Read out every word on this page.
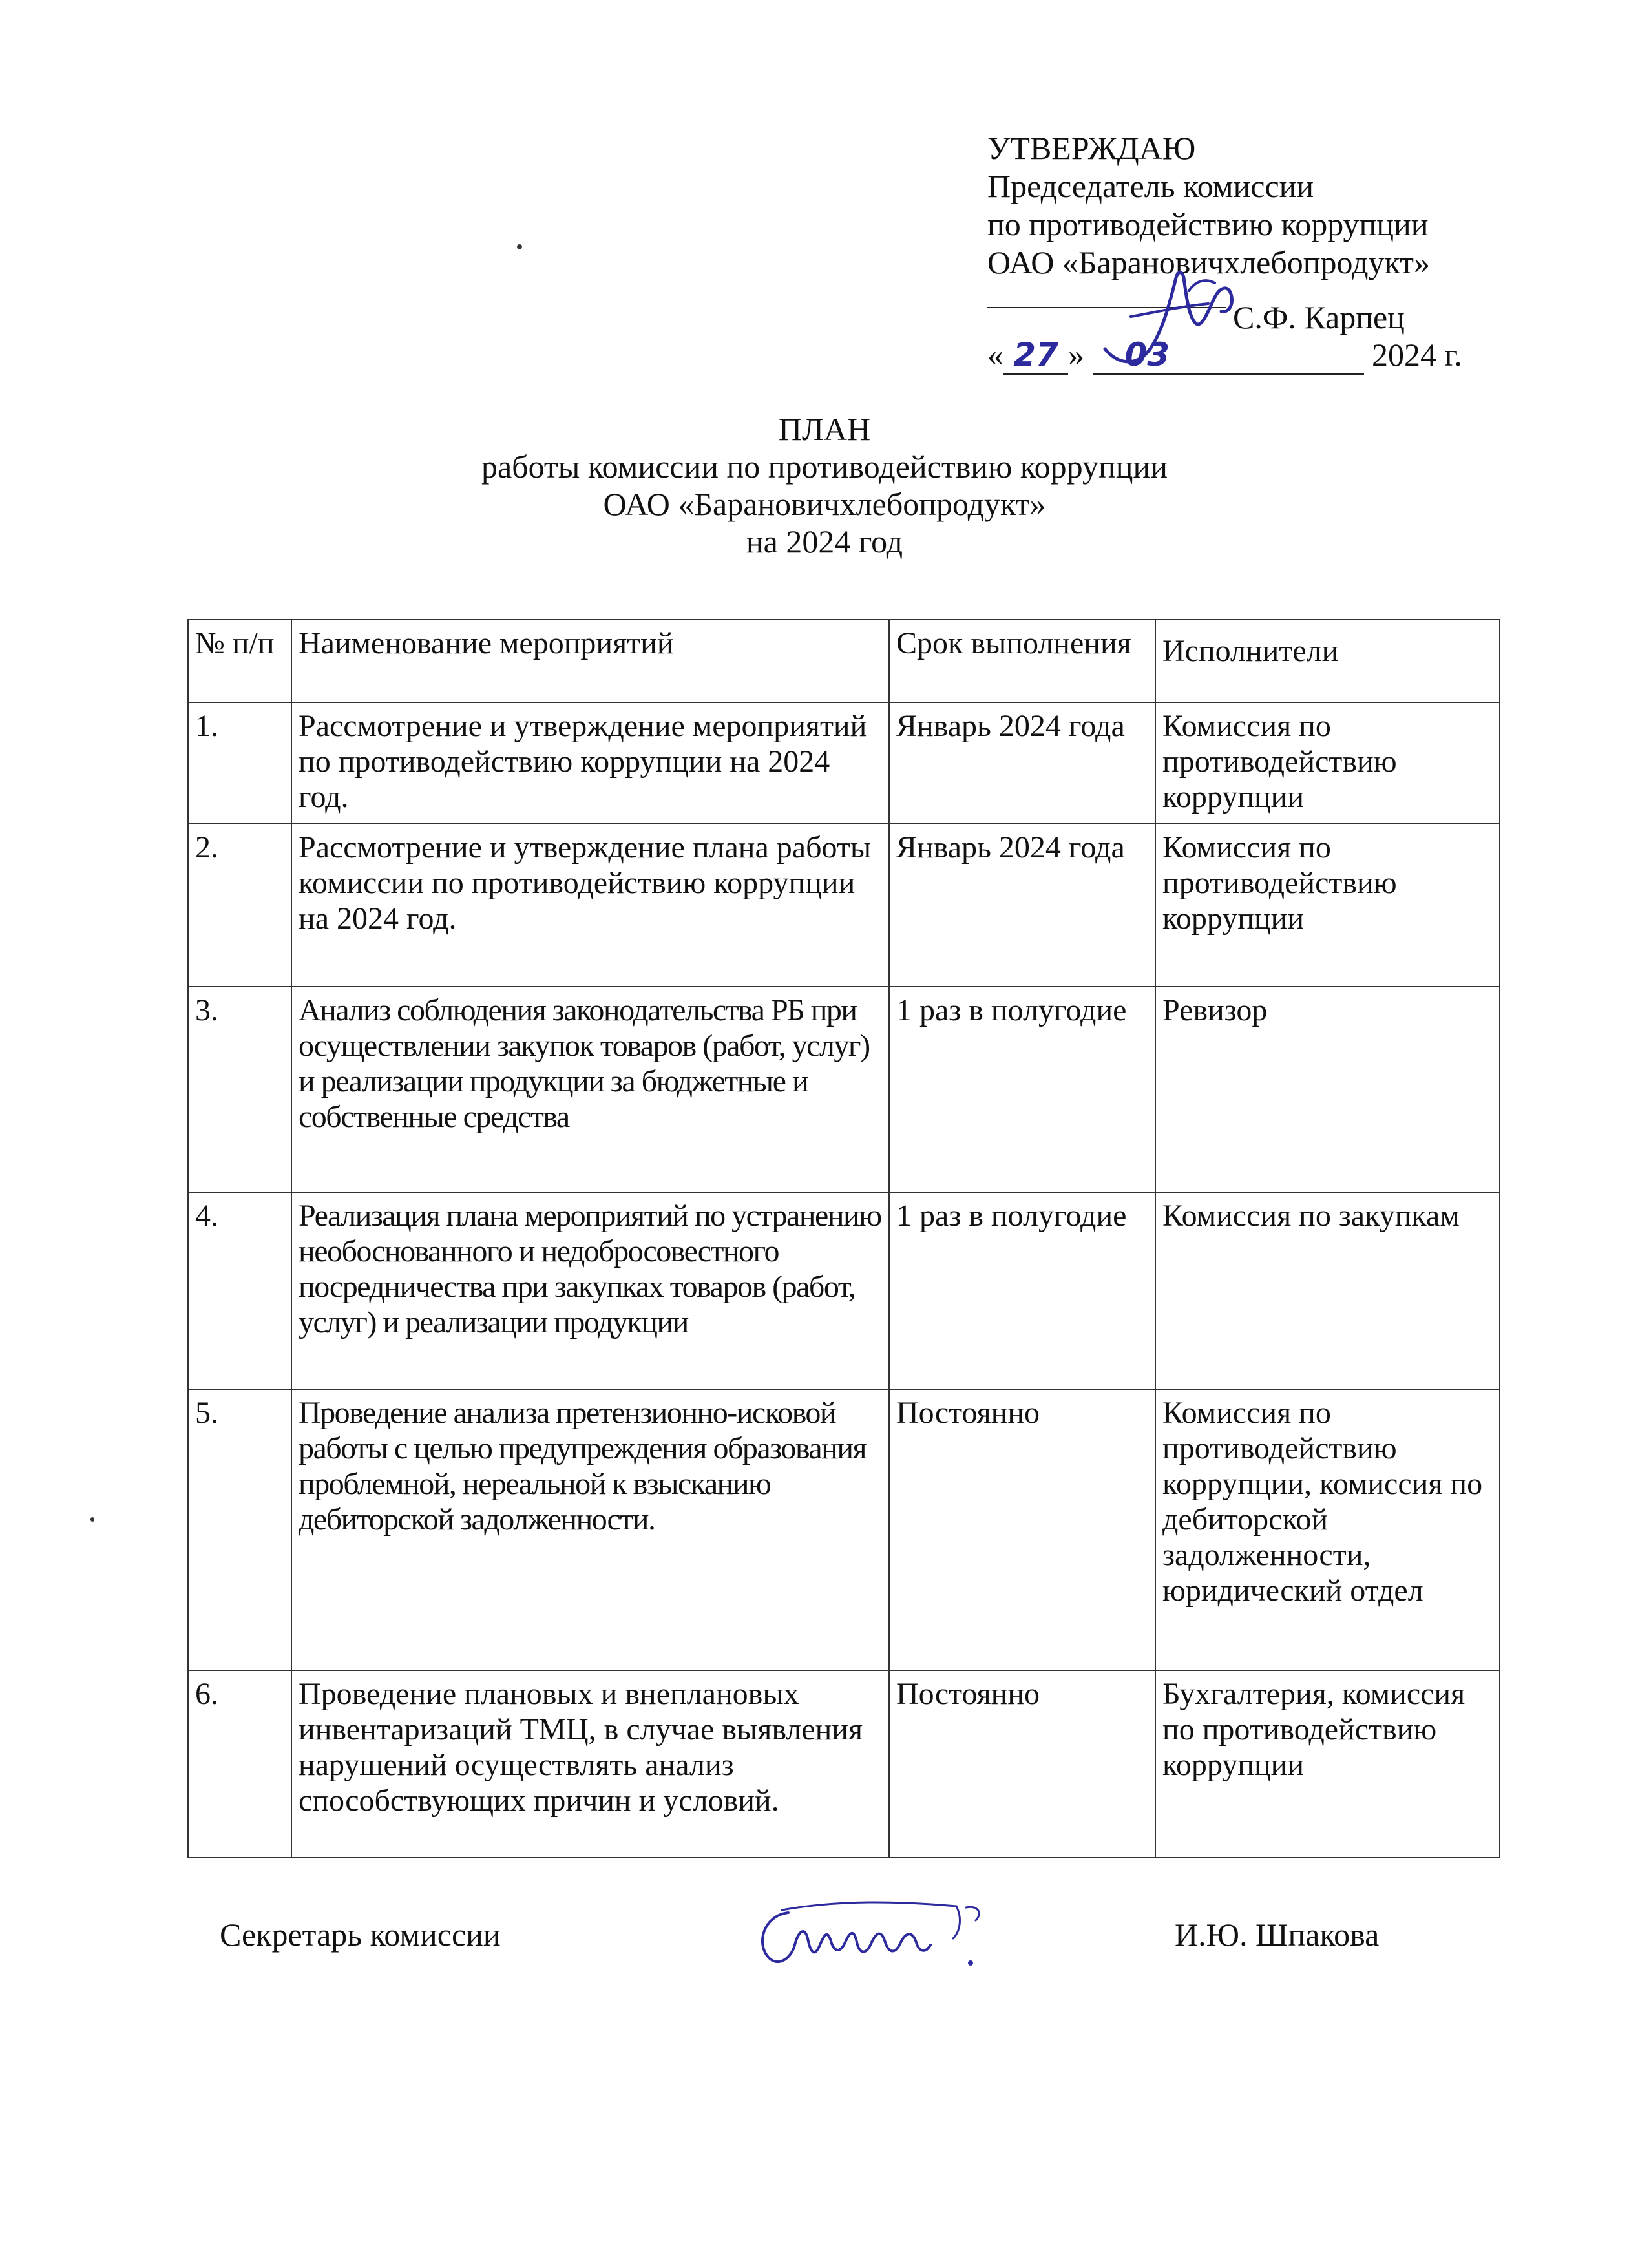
УТВЕРЖДАЮ
Председатель комиссии
по противодействию коррупции
ОАО «Барановичхлебопродукт»
С.Ф. Карпец
« 27 » 03	2024 г.
ПЛАН
работы комиссии по противодействию коррупции
ОАО «Барановичхлебопродукт»
на 2024 год
№ п/п	Наименование мероприятий	Срок выполнения	Исполнители
1.	Рассмотрение и утверждение мероприятий по противодействию коррупции на 2024 год.	Январь 2024 года	Комиссия по противодействию коррупции
2.	Рассмотрение и утверждение плана работы комиссии по противодействию коррупции на 2024 год.	Январь 2024 года	Комиссия по противодействию коррупции
3.	Анализ соблюдения законодательства РБ при осуществлении закупок товаров (работ, услуг) и реализации продукции за бюджетные и собственные средства	1 раз в полугодие	Ревизор
4.	Реализация плана мероприятий по устранению необоснованного и недобросовестного посредничества при закупках товаров (работ, услуг) и реализации продукции	1 раз в полугодие	Комиссия по закупкам
5.	Проведение анализа претензионно-исковой работы с целью предупреждения образования проблемной, нереальной к взысканию дебиторской задолженности.	Постоянно	Комиссия по противодействию коррупции, комиссия по дебиторской задолженности, юридический отдел
6.	Проведение плановых и внеплановых инвентаризаций ТМЦ, в случае выявления нарушений осуществлять анализ способствующих причин и условий.	Постоянно	Бухгалтерия, комиссия по противодействию коррупции
Секретарь комиссии	И.Ю. Шпакова
